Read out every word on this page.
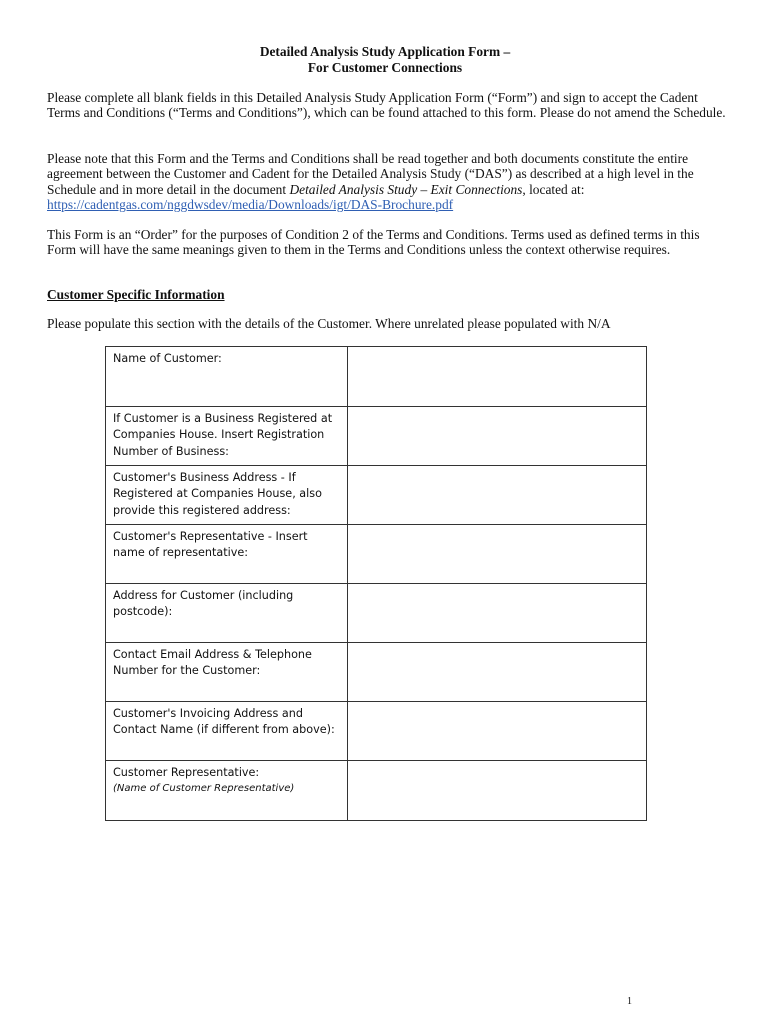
Detailed Analysis Study Application Form –
For Customer Connections

Please complete all blank fields in this Detailed Analysis Study Application Form (“Form”) and sign to accept the Cadent Terms and Conditions (“Terms and Conditions”), which can be found attached to this form. Please do not amend the Schedule.

Please note that this Form and the Terms and Conditions shall be read together and both documents constitute the entire agreement between the Customer and Cadent for the Detailed Analysis Study (“DAS”) as described at a high level in the Schedule and in more detail in the document Detailed Analysis Study – Exit Connections, located at:
https://cadentgas.com/nggdwsdev/media/Downloads/igt/DAS-Brochure.pdf

This Form is an “Order” for the purposes of Condition 2 of the Terms and Conditions. Terms used as defined terms in this Form will have the same meanings given to them in the Terms and Conditions unless the context otherwise requires.

Customer Specific Information

Please populate this section with the details of the Customer. Where unrelated please populated with N/A

Name of Customer:	
If Customer is a Business Registered at Companies House. Insert Registration Number of Business:	
Customer's Business Address - If Registered at Companies House, also provide this registered address:	
Customer's Representative - Insert name of representative:	
Address for Customer (including postcode):	
Contact Email Address & Telephone Number for the Customer:	
Customer's Invoicing Address and Contact Name (if different from above):	
Customer Representative:
(Name of Customer Representative)	

1
